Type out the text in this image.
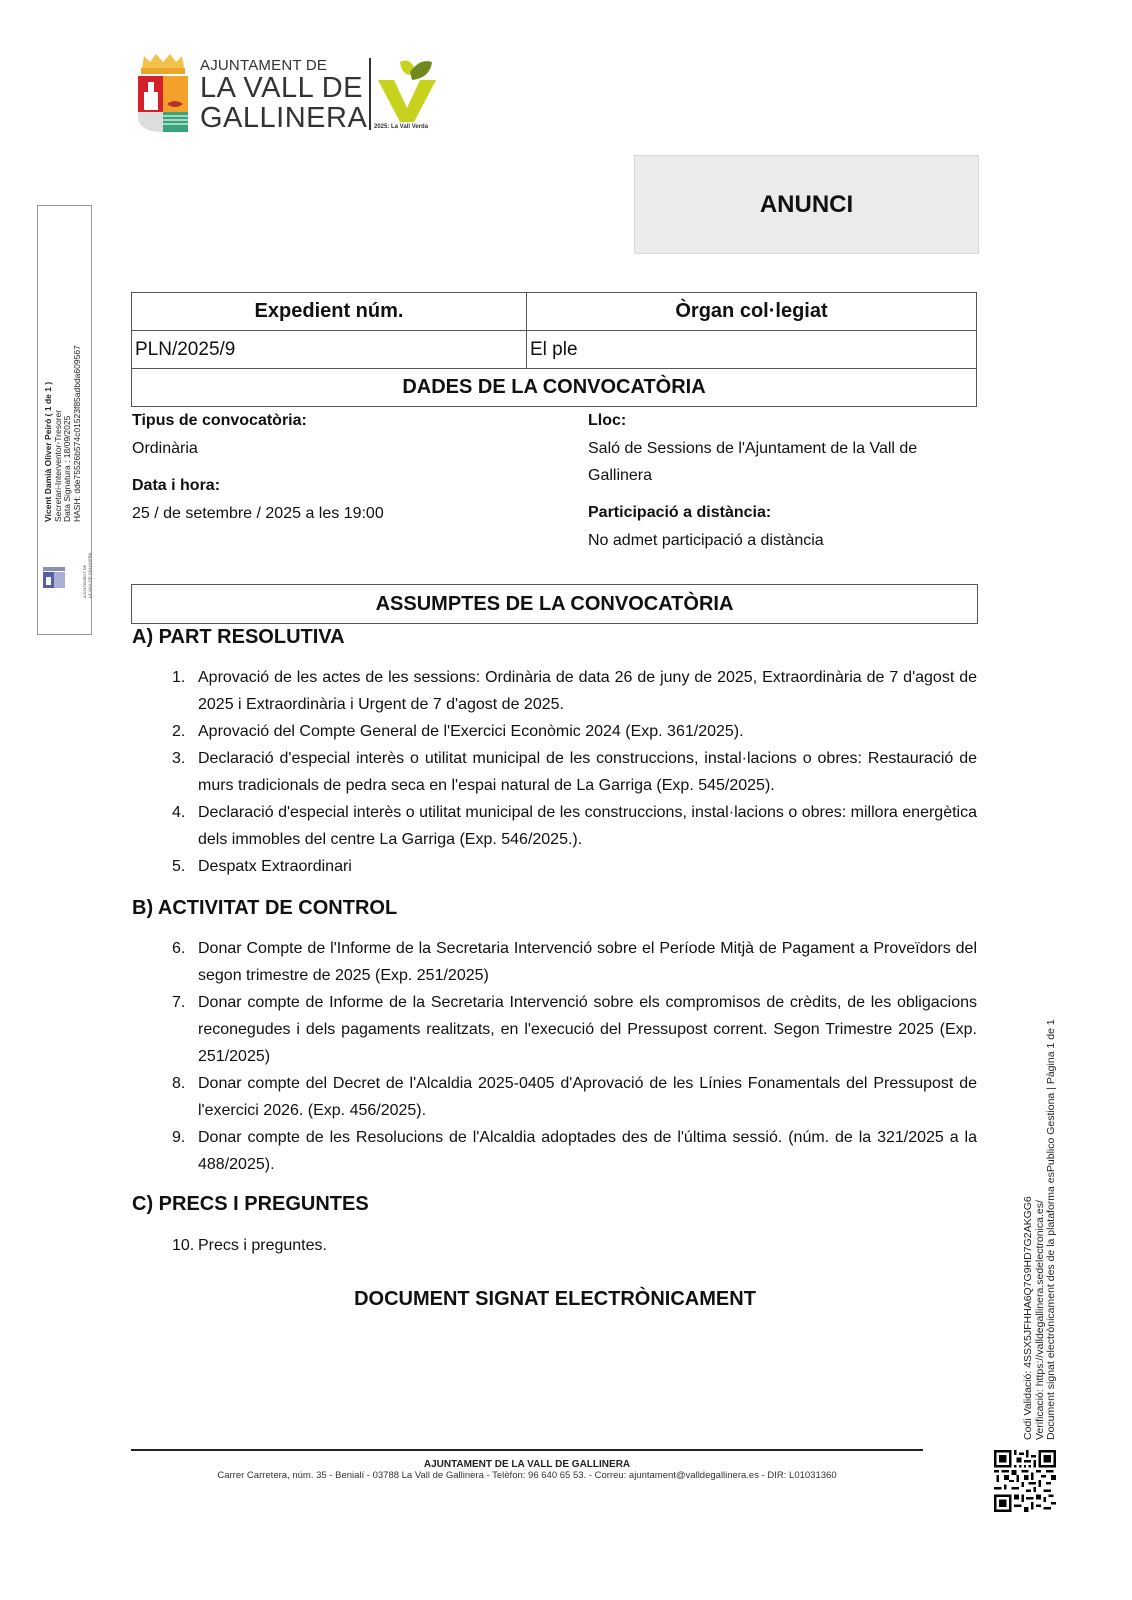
AJUNTAMENT DE
LA VALL DE
GALLINERA 2025: La Vall Verda
ANUNCI
Expedient núm.	Òrgan col·legiat
PLN/2025/9	El ple
DADES DE LA CONVOCATÒRIA	
Tipus de convocatòria:
Ordinària
Data i hora:
25 / de setembre / 2025 a les 19:00
Lloc:
Saló de Sessions de l'Ajuntament de la Vall de Gallinera
Participació a distància:
No admet participació a distància
ASSUMPTES DE LA CONVOCATÒRIA
A) PART RESOLUTIVA
1. Aprovació de les actes de les sessions: Ordinària de data 26 de juny de 2025, Extraordinària de 7 d'agost de 2025 i Extraordinària i Urgent de 7 d'agost de 2025.
2. Aprovació del Compte General de l'Exercici Econòmic 2024 (Exp. 361/2025).
3. Declaració d'especial interès o utilitat municipal de les construccions, instal·lacions o obres: Restauració de murs tradicionals de pedra seca en l'espai natural de La Garriga (Exp. 545/2025).
4. Declaració d'especial interès o utilitat municipal de les construccions, instal·lacions o obres: millora energètica dels immobles del centre La Garriga (Exp. 546/2025.).
5. Despatx Extraordinari
B) ACTIVITAT DE CONTROL
6. Donar Compte de l'Informe de la Secretaria Intervenció sobre el Període Mitjà de Pagament a Proveïdors del segon trimestre de 2025 (Exp. 251/2025)
7. Donar compte de Informe de la Secretaria Intervenció sobre els compromisos de crèdits, de les obligacions reconegudes i dels pagaments realitzats, en l'execució del Pressupost corrent. Segon Trimestre 2025 (Exp. 251/2025)
8. Donar compte del Decret de l'Alcaldia 2025-0405 d'Aprovació de les Línies Fonamentals del Pressupost de l'exercici 2026. (Exp. 456/2025).
9. Donar compte de les Resolucions de l'Alcaldia adoptades des de l'última sessió. (núm. de la 321/2025 a la 488/2025).
C) PRECS I PREGUNTES
10. Precs i preguntes.
DOCUMENT SIGNAT ELECTRÒNICAMENT
AJUNTAMENT DE LA VALL DE GALLINERA
Carrer Carretera, núm. 35 - Benialí - 03788 La Vall de Gallinera - Telèfon: 96 640 65 53. - Correu: ajuntament@valldegallinera.es - DIR: L01031360
Vicent Damià Oliver Peiró ( 1 de 1 ) Secretari-Interventor-Tresorer Data Signatura : 18/09/2025 HASH: dde75526b574c01523f85adbda609567
AJUNTAMENT DE LA VALL DE GALLINERA
Codi Validació: 4SSX5JFHHA6Q7G9HD7G2AKGG6 Verificació: https://valldegallinera.sedelectronica.es/ Document signat electrònicament des de la plataforma esPublico Gestiona | Pàgina 1 de 1
